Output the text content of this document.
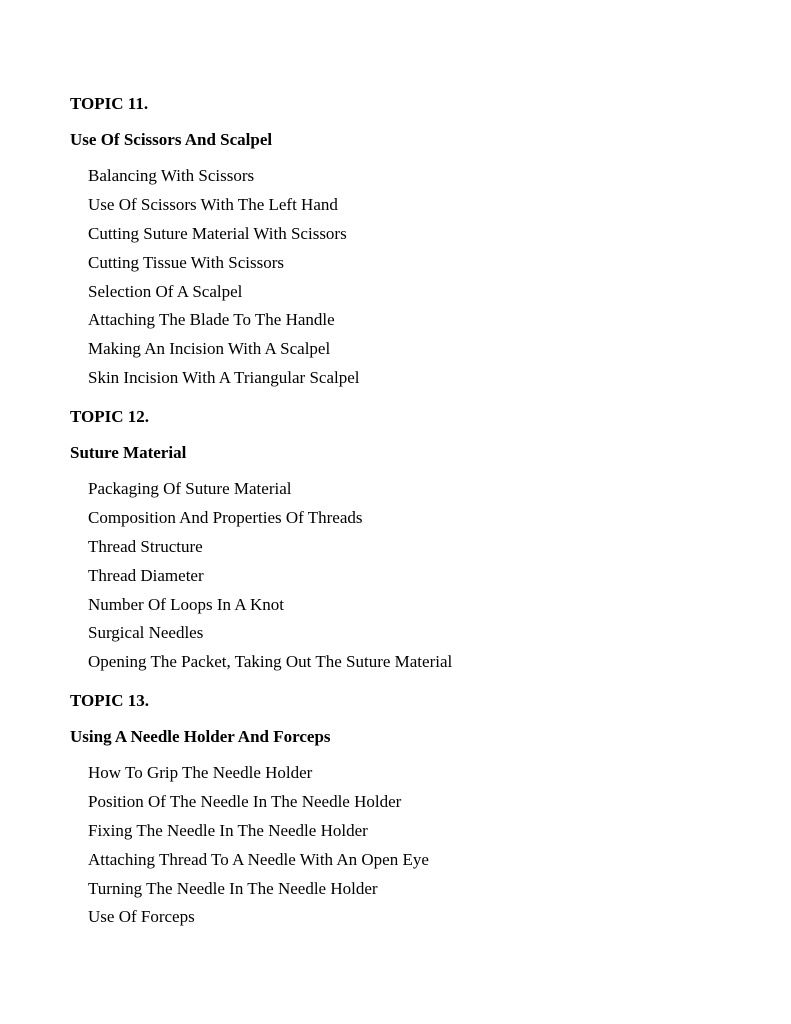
TOPIC 11.
Use Of Scissors And Scalpel
Balancing With Scissors
Use Of Scissors With The Left Hand
Cutting Suture Material With Scissors
Cutting Tissue With Scissors
Selection Of A Scalpel
Attaching The Blade To The Handle
Making An Incision With A Scalpel
Skin Incision With A Triangular Scalpel
TOPIC 12.
Suture Material
Packaging Of Suture Material
Composition And Properties Of Threads
Thread Structure
Thread Diameter
Number Of Loops In A Knot
Surgical Needles
Opening The Packet, Taking Out The Suture Material
TOPIC 13.
Using A Needle Holder And Forceps
How To Grip The Needle Holder
Position Of The Needle In The Needle Holder
Fixing The Needle In The Needle Holder
Attaching Thread To A Needle With An Open Eye
Turning The Needle In The Needle Holder
Use Of Forceps
